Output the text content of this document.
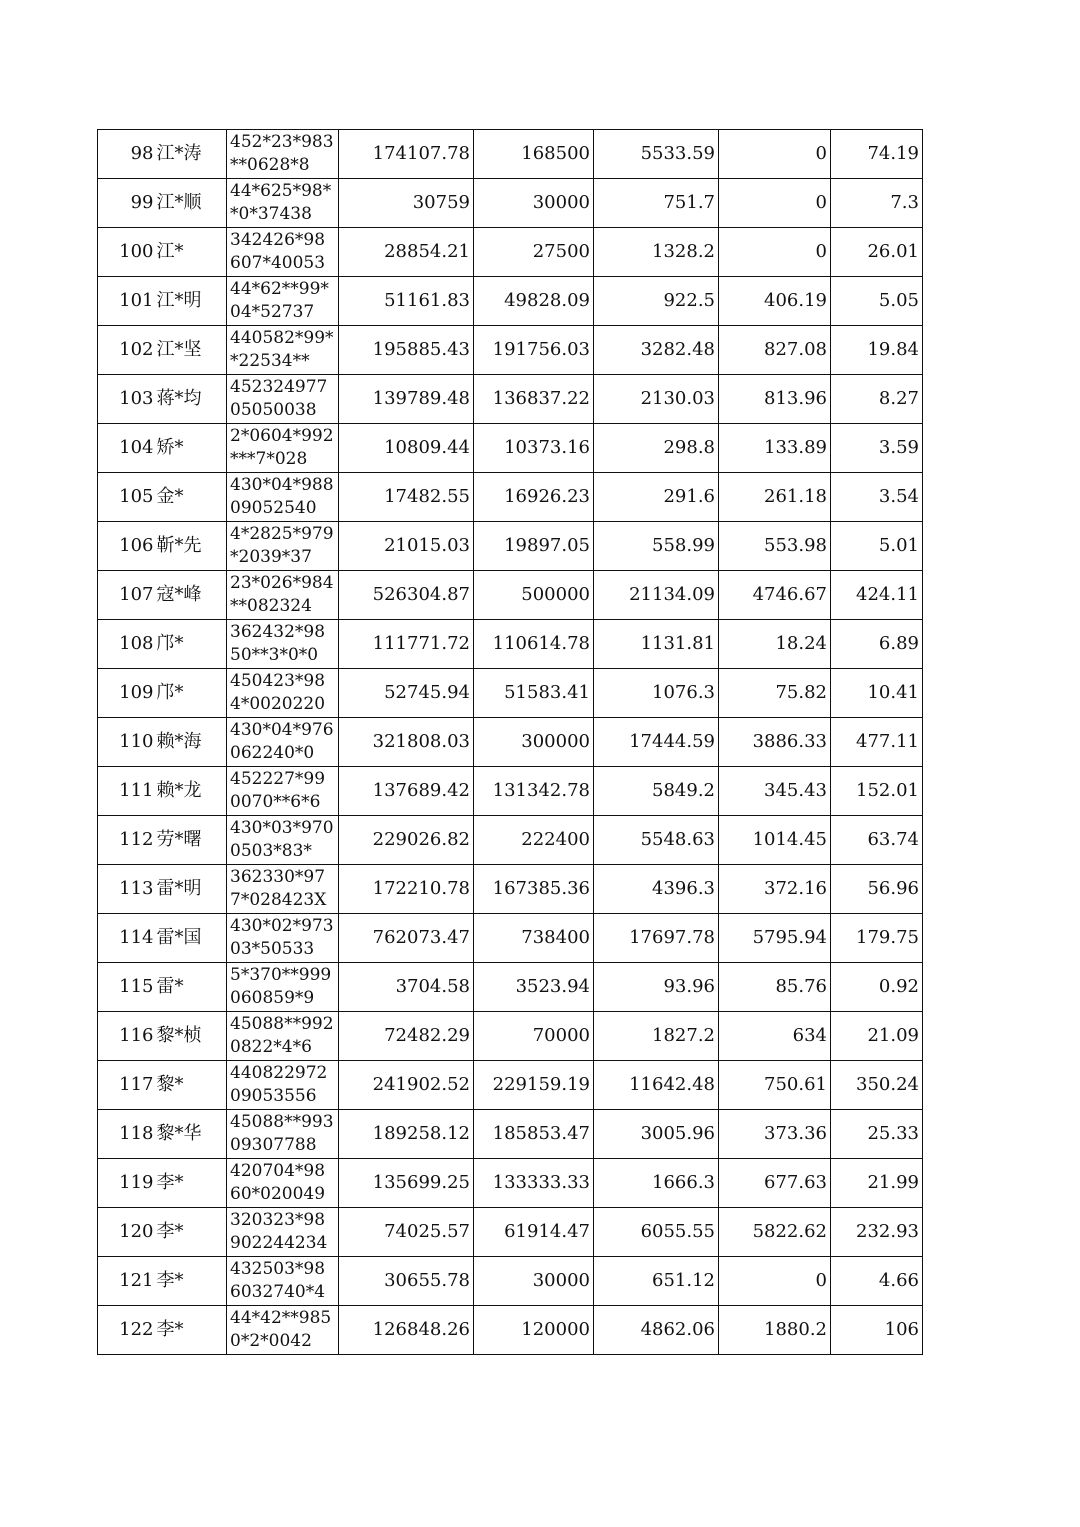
98	江*涛	452*23*983**0628*8	174107.78	168500	5533.59	0	74.19
99	江*顺	44*625*98**0*37438	30759	30000	751.7	0	7.3
100	江*	342426*98607*40053	28854.21	27500	1328.2	0	26.01
101	江*明	44*62**99*04*52737	51161.83	49828.09	922.5	406.19	5.05
102	江*坚	440582*99**22534**	195885.43	191756.03	3282.48	827.08	19.84
103	蒋*均	45232497705050038	139789.48	136837.22	2130.03	813.96	8.27
104	矫*	2*0604*992***7*028	10809.44	10373.16	298.8	133.89	3.59
105	金*	430*04*98809052540	17482.55	16926.23	291.6	261.18	3.54
106	靳*先	4*2825*979*2039*37	21015.03	19897.05	558.99	553.98	5.01
107	寇*峰	23*026*984**082324	526304.87	500000	21134.09	4746.67	424.11
108	邝*	362432*9850**3*0*0	111771.72	110614.78	1131.81	18.24	6.89
109	邝*	450423*984*0020220	52745.94	51583.41	1076.3	75.82	10.41
110	赖*海	430*04*976062240*0	321808.03	300000	17444.59	3886.33	477.11
111	赖*龙	452227*990070**6*6	137689.42	131342.78	5849.2	345.43	152.01
112	劳*曙	430*03*9700503*83*	229026.82	222400	5548.63	1014.45	63.74
113	雷*明	362330*977*028423X	172210.78	167385.36	4396.3	372.16	56.96
114	雷*国	430*02*97303*50533	762073.47	738400	17697.78	5795.94	179.75
115	雷*	5*370**999060859*9	3704.58	3523.94	93.96	85.76	0.92
116	黎*桢	45088**9920822*4*6	72482.29	70000	1827.2	634	21.09
117	黎*	44082297209053556	241902.52	229159.19	11642.48	750.61	350.24
118	黎*华	45088**99309307788	189258.12	185853.47	3005.96	373.36	25.33
119	李*	420704*9860*020049	135699.25	133333.33	1666.3	677.63	21.99
120	李*	320323*98902244234	74025.57	61914.47	6055.55	5822.62	232.93
121	李*	432503*986032740*4	30655.78	30000	651.12	0	4.66
122	李*	44*42**9850*2*0042	126848.26	120000	4862.06	1880.2	106
